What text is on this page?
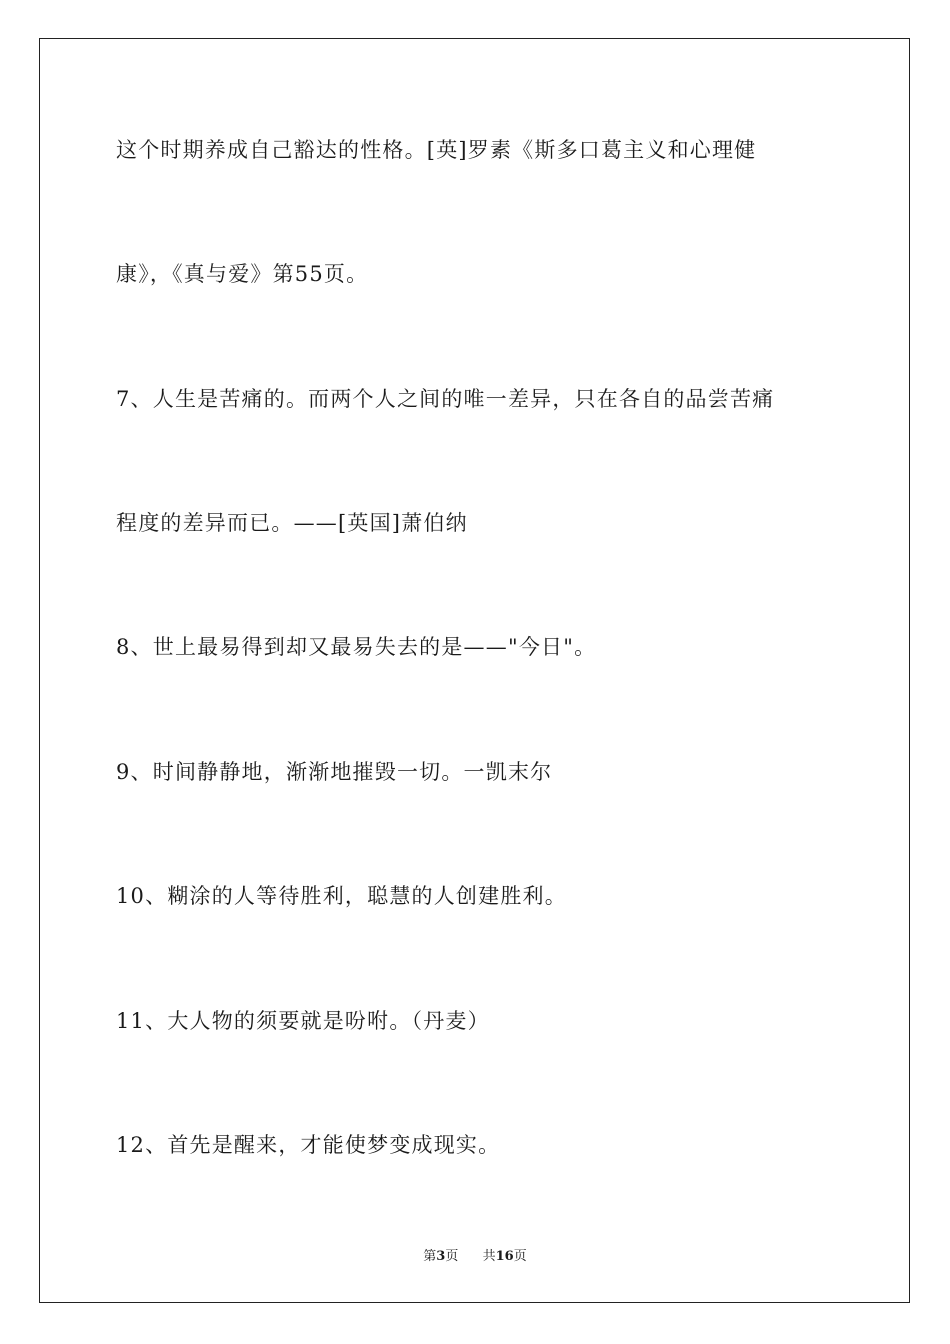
这个时期养成自己豁达的性格。[英]罗素《斯多口葛主义和心理健
康》，《真与爱》第55页。
7、人生是苦痛的。而两个人之间的唯一差异，只在各自的品尝苦痛
程度的差异而已。——[英国]萧伯纳
8、世上最易得到却又最易失去的是——"今日"。
9、时间静静地，渐渐地摧毁一切。一凯末尔
10、糊涂的人等待胜利，聪慧的人创建胜利。
11、大人物的须要就是吩咐。（丹麦）
12、首先是醒来，才能使梦变成现实。
第3页 共16页
